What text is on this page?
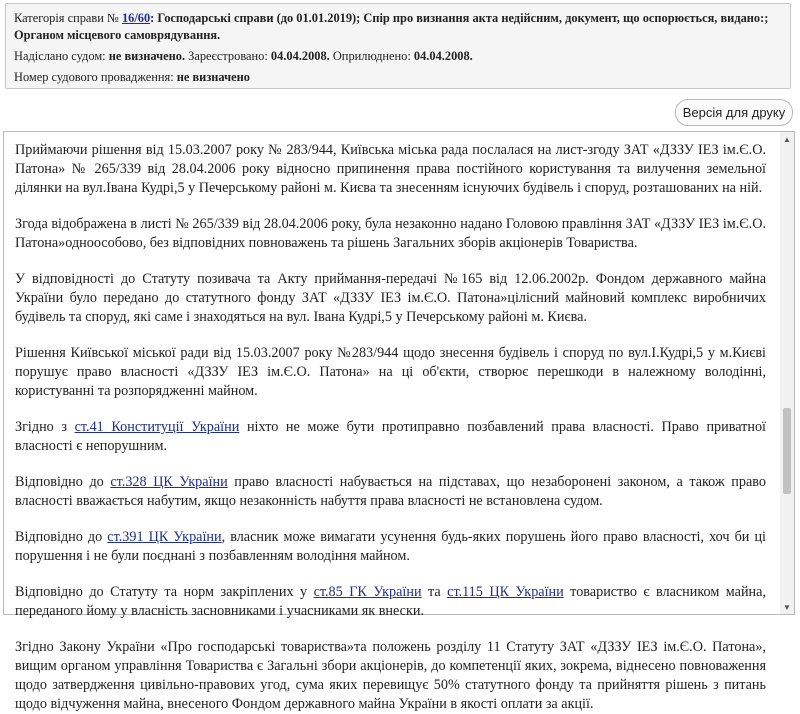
Категорія справи № 16/60: Господарські справи (до 01.01.2019); Спір про визнання акта недійсним, документ, що оспорюється, видано:; Органом місцевого самоврядування.

Надіслано судом: не визначено. Зареєстровано: 04.04.2008. Оприлюднено: 04.04.2008.

Номер судового провадження: не визначено

Версія для друку

Приймаючи рішення від 15.03.2007 року № 283/944, Київська міська рада послалася на лист-згоду ЗАТ «ДЗЗУ ІЕЗ ім.Є.О. Патона» № 265/339 від 28.04.2006 року відносно припинення права постійного користування та вилучення земельної ділянки на вул.Івана Кудрі,5 у Печерському районі м. Києва та знесенням існуючих будівель і споруд, розташованих на ній.

Згода відображена в листі № 265/339 від 28.04.2006 року, була незаконно надано Головою правління ЗАТ «ДЗЗУ ІЕЗ ім.Є.О. Патона»одноособово, без відповідних повноважень та рішень Загальних зборів акціонерів Товариства.

У відповідності до Статуту позивача та Акту приймання-передачі №165 від 12.06.2002р. Фондом державного майна України було передано до статутного фонду ЗАТ «ДЗЗУ ІЕЗ ім.Є.О. Патона»цілісний майновий комплекс виробничих будівель та споруд, які саме і знаходяться на вул. Івана Кудрі,5 у Печерському районі м. Києва.

Рішення Київської міської ради від 15.03.2007 року №283/944 щодо знесення будівель і споруд по вул.І.Кудрі,5 у м.Києві порушує право власності «ДЗЗУ ІЕЗ ім.Є.О. Патона» на ці об'єкти, створює перешкоди в належному володінні, користуванні та розпорядженні майном.

Згідно з ст.41 Конституції України ніхто не може бути протиправно позбавлений права власності. Право приватної власності є непорушним.

Відповідно до ст.328 ЦК України право власності набувається на підставах, що незаборонені законом, а також право власності вважається набутим, якщо незаконність набуття права власності не встановлена судом.

Відповідно до ст.391 ЦК України, власник може вимагати усунення будь-яких порушень його право власності, хоч би ці порушення і не були поєднані з позбавленням володіння майном.

Відповідно до Статуту та норм закріплених у ст.85 ГК України та ст.115 ЦК України товариство є власником майна, переданого йому у власність засновниками і учасниками як внески.

Згідно Закону України «Про господарські товариства»та положень розділу 11 Статуту ЗАТ «ДЗЗУ ІЕЗ ім.Є.О. Патона», вищим органом управління Товариства є Загальні збори акціонерів, до компетенції яких, зокрема, віднесено повноваження щодо затвердження цивільно-правових угод, сума яких перевищує 50% статутного фонду та прийняття рішень з питань щодо відчуження майна, внесеного Фондом державного майна України в якості оплати за акції.

▲
▼
